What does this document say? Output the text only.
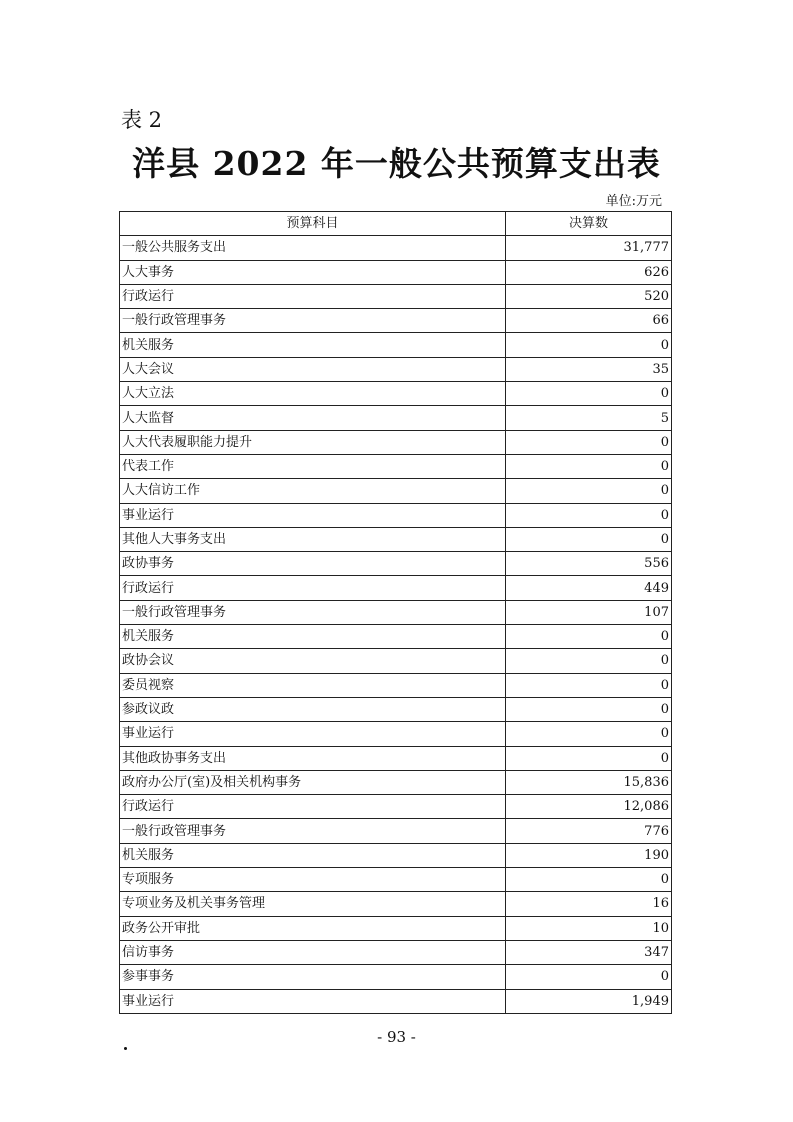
表 2
洋县 2022 年一般公共预算支出表
单位:万元
预算科目	决算数
一般公共服务支出	31,777
人大事务	626
行政运行	520
一般行政管理事务	66
机关服务	0
人大会议	35
人大立法	0
人大监督	5
人大代表履职能力提升	0
代表工作	0
人大信访工作	0
事业运行	0
其他人大事务支出	0
政协事务	556
行政运行	449
一般行政管理事务	107
机关服务	0
政协会议	0
委员视察	0
参政议政	0
事业运行	0
其他政协事务支出	0
政府办公厅(室)及相关机构事务	15,836
行政运行	12,086
一般行政管理事务	776
机关服务	190
专项服务	0
专项业务及机关事务管理	16
政务公开审批	10
信访事务	347
参事事务	0
事业运行	1,949
- 93 -
